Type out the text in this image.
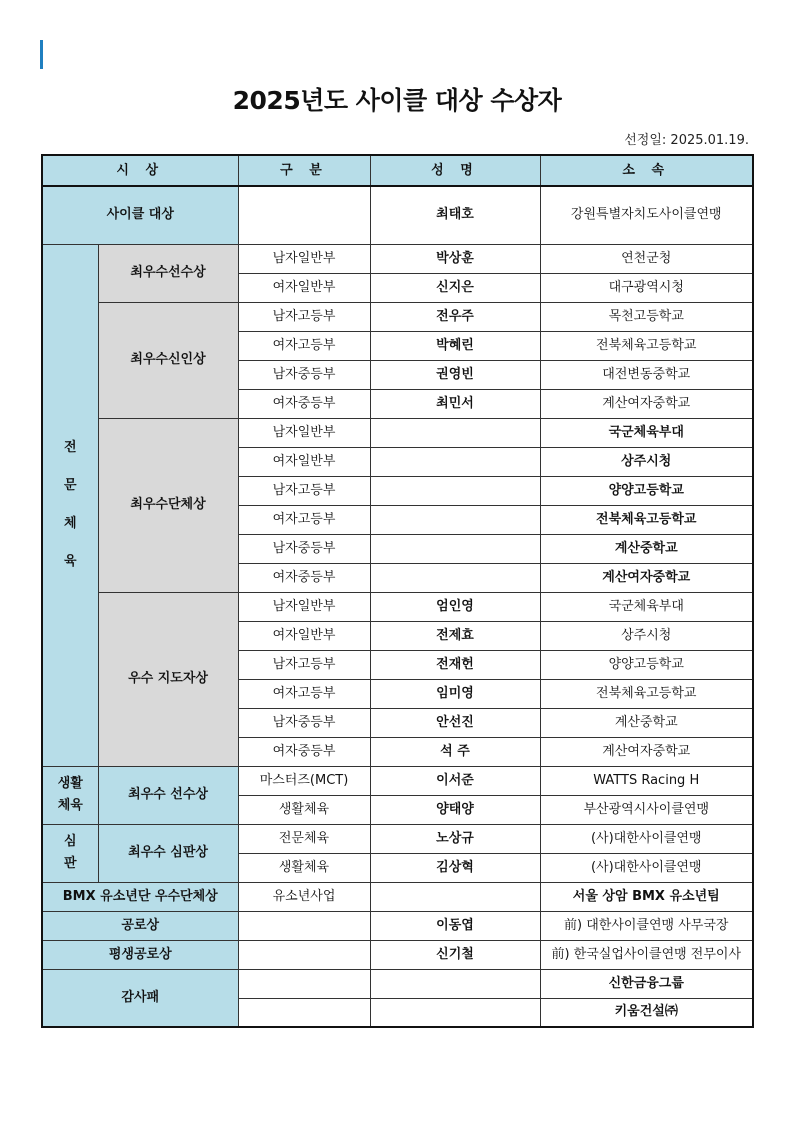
2025년도 사이클 대상 수상자
선정일: 2025.01.19.
시 상		구 분	성 명	소 속
사이클 대상			최태호	강원특별자치도사이클연맹

전
문
체
육	최우수선수상	남자일반부	박상훈	연천군청
		여자일반부	신지은	대구광역시청
	최우수신인상	남자고등부	전우주	목천고등학교
		여자고등부	박혜린	전북체육고등학교
		남자중등부	권영빈	대전변동중학교
		여자중등부	최민서	계산여자중학교
	최우수단체상	남자일반부		국군체육부대
		여자일반부		상주시청
		남자고등부		양양고등학교
		여자고등부		전북체육고등학교
		남자중등부		계산중학교
		여자중등부		계산여자중학교
	우수 지도자상	남자일반부	엄인영	국군체육부대
		여자일반부	전제효	상주시청
		남자고등부	전재헌	양양고등학교
		여자고등부	임미영	전북체육고등학교
		남자중등부	안선진	계산중학교
		여자중등부	석 주	계산여자중학교

생활
체육	최우수 선수상	마스터즈(MCT)	이서준	WATTS Racing H
		생활체육	양태양	부산광역시사이클연맹

심
판	최우수 심판상	전문체육	노상규	(사)대한사이클연맹
		생활체육	김상혁	(사)대한사이클연맹
BMX 유소년단 우수단체상		유소년사업		서울 상암 BMX 유소년팀
공로상			이동엽	前) 대한사이클연맹 사무국장
평생공로상			신기철	前) 한국실업사이클연맹 전무이사
감사패				신한금융그룹
				키움건설㈜
